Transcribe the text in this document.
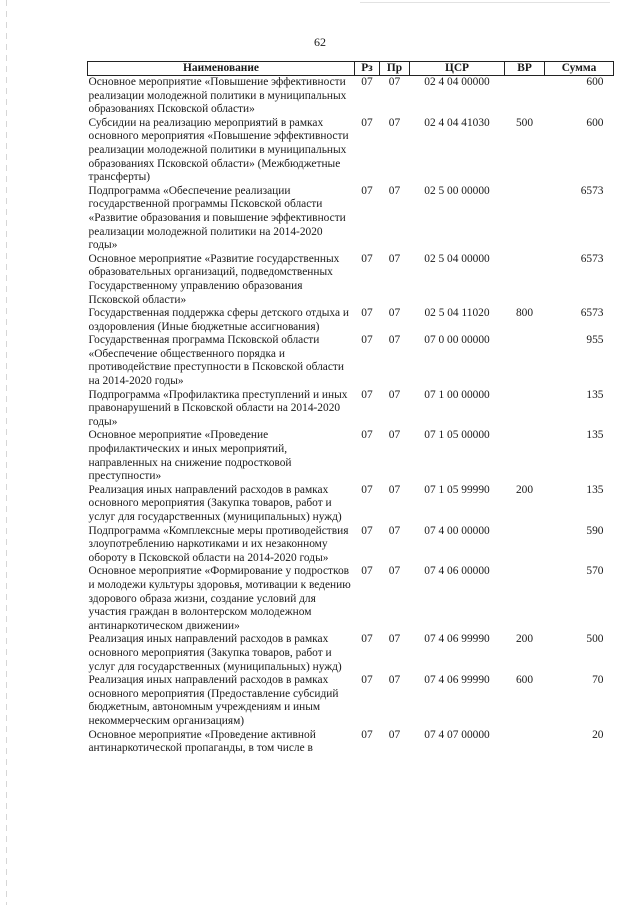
62
Наименование	Рз	Пр	ЦСР	ВР	Сумма
Основное мероприятие «Повышение эффективности реализации молодежной политики в муниципальных образованиях Псковской области»	07	07	02 4 04 00000		600
Субсидии на реализацию мероприятий в рамках основного мероприятия «Повышение эффективности реализации молодежной политики в муниципальных образованиях Псковской области» (Межбюджетные трансферты)	07	07	02 4 04 41030	500	600
Подпрограмма «Обеспечение реализации государственной программы Псковской области «Развитие образования и повышение эффективности реализации молодежной политики на 2014-2020 годы»	07	07	02 5 00 00000		6573
Основное мероприятие «Развитие государственных образовательных организаций, подведомственных Государственному управлению образования Псковской области»	07	07	02 5 04 00000		6573
Государственная поддержка сферы детского отдыха и оздоровления (Иные бюджетные ассигнования)	07	07	02 5 04 11020	800	6573
Государственная программа Псковской области «Обеспечение общественного порядка и противодействие преступности в Псковской области на 2014-2020 годы»	07	07	07 0 00 00000		955
Подпрограмма «Профилактика преступлений и иных правонарушений в Псковской области на 2014-2020 годы»	07	07	07 1 00 00000		135
Основное мероприятие «Проведение профилактических и иных мероприятий, направленных на снижение подростковой преступности»	07	07	07 1 05 00000		135
Реализация иных направлений расходов в рамках основного мероприятия (Закупка товаров, работ и услуг для государственных (муниципальных) нужд)	07	07	07 1 05 99990	200	135
Подпрограмма «Комплексные меры противодействия злоупотреблению наркотиками и их незаконному обороту в Псковской области на 2014-2020 годы»	07	07	07 4 00 00000		590
Основное мероприятие «Формирование у подростков и молодежи культуры здоровья, мотивации к ведению здорового образа жизни, создание условий для участия граждан в волонтерском молодежном антинаркотическом движении»	07	07	07 4 06 00000		570
Реализация иных направлений расходов в рамках основного мероприятия (Закупка товаров, работ и услуг для государственных (муниципальных) нужд)	07	07	07 4 06 99990	200	500
Реализация иных направлений расходов в рамках основного мероприятия (Предоставление субсидий бюджетным, автономным учреждениям и иным некоммерческим организациям)	07	07	07 4 06 99990	600	70
Основное мероприятие «Проведение активной антинаркотической пропаганды, в том числе в	07	07	07 4 07 00000		20
